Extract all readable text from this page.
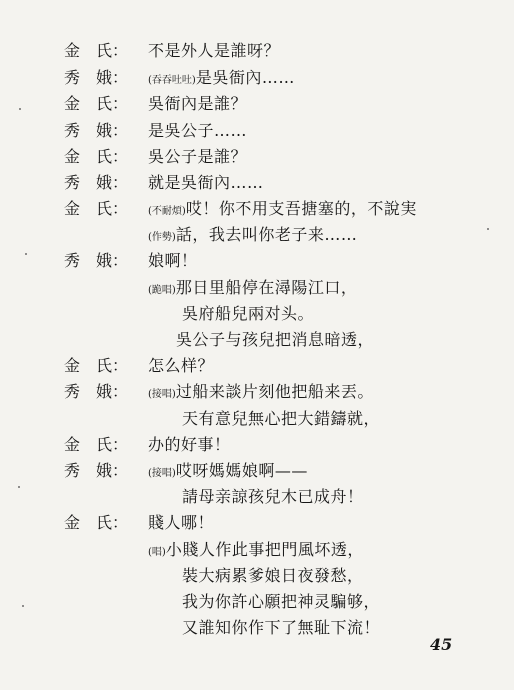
金　氏： 不是外人是誰呀？
秀　娥： (吞吞吐吐)是吳衙內……
金　氏： 吳衙內是誰？
秀　娥： 是吳公子……
金　氏： 吳公子是誰？
秀　娥： 就是吳衙內……
金　氏： (不耐煩)哎！你不用支吾搪塞的，不說実
(作勢)話，我去叫你老子来……
秀　娥： 娘啊！
(跪唱)那日里船停在潯陽江口，
吳府船兒兩对头。
吳公子与孩兒把消息暗透，
金　氏： 怎么样？
秀　娥： (接唱)过船来談片刻他把船来丟。
天有意兒無心把大錯鑄就，
金　氏： 办的好事！
秀　娥： (接唱)哎呀媽媽娘啊——
請母亲諒孩兒木已成舟！
金　氏： 賤人哪！
(唱)小賤人作此事把門風坏透，
裝大病累爹娘日夜發愁，
我为你許心願把神灵騙够，
又誰知你作下了無耻下流！
45
